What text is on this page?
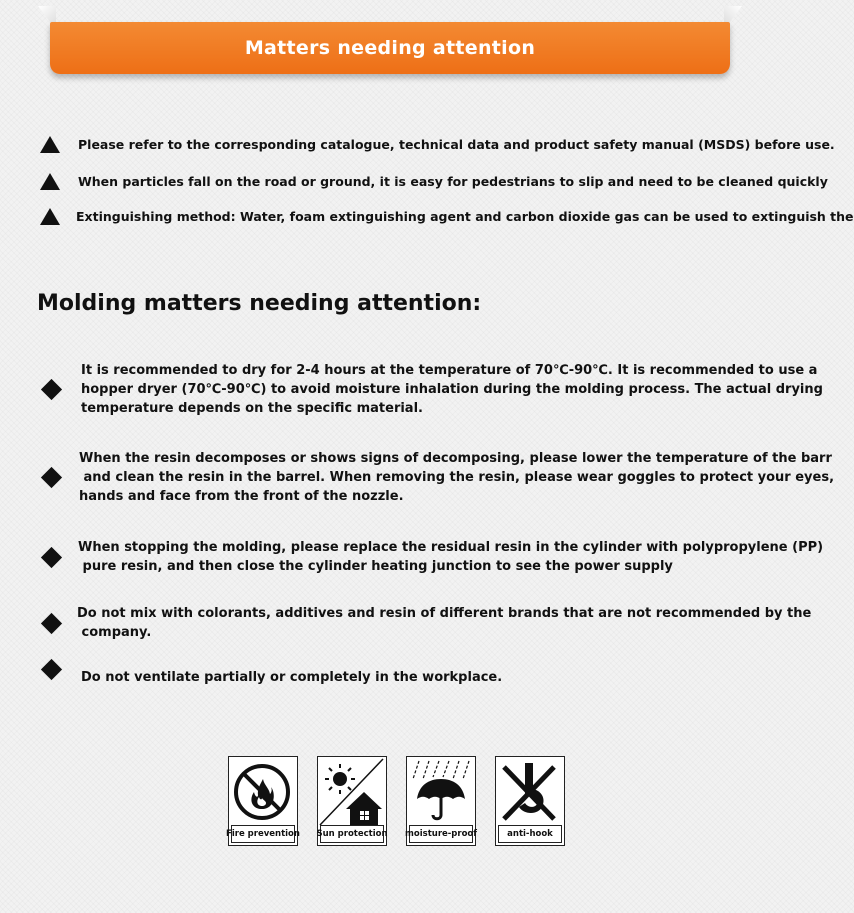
Matters needing attention
Please refer to the corresponding catalogue, technical data and product safety manual (MSDS) before use.
When particles fall on the road or ground, it is easy for pedestrians to slip and need to be cleaned quickly
Extinguishing method: Water, foam extinguishing agent and carbon dioxide gas can be used to extinguish the
Molding matters needing attention:
It is recommended to dry for 2-4 hours at the temperature of 70℃-90℃. It is recommended to use a
hopper dryer (70℃-90℃) to avoid moisture inhalation during the molding process. The actual drying
temperature depends on the specific material.
When the resin decomposes or shows signs of decomposing, please lower the temperature of the barr
and clean the resin in the barrel. When removing the resin, please wear goggles to protect your eyes,
hands and face from the front of the nozzle.
When stopping the molding, please replace the residual resin in the cylinder with polypropylene (PP)
pure resin, and then close the cylinder heating junction to see the power supply
Do not mix with colorants, additives and resin of different brands that are not recommended by the
company.
Do not ventilate partially or completely in the workplace.
Fire prevention Sun protection moisture-proof	anti-hook
